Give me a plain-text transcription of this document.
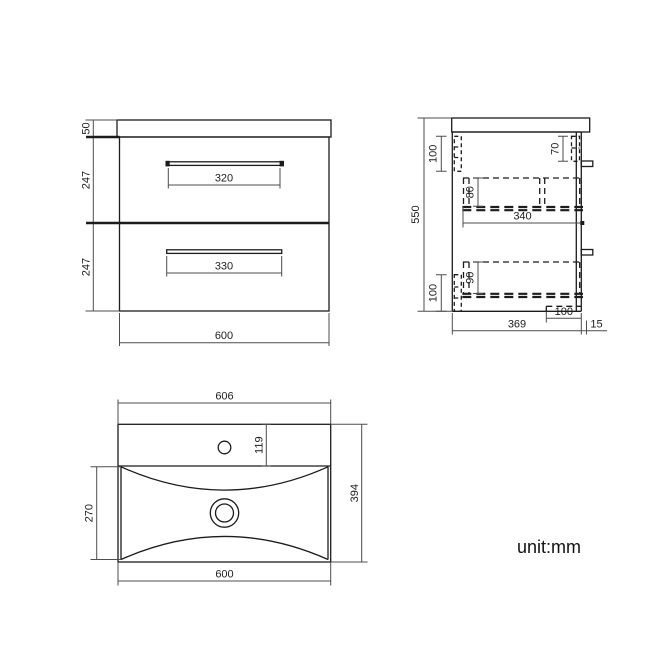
50
247
247
320
330
600
550
100	70
80
340
90
100
100
369	15
606
119
270
394
600
unit:mm
